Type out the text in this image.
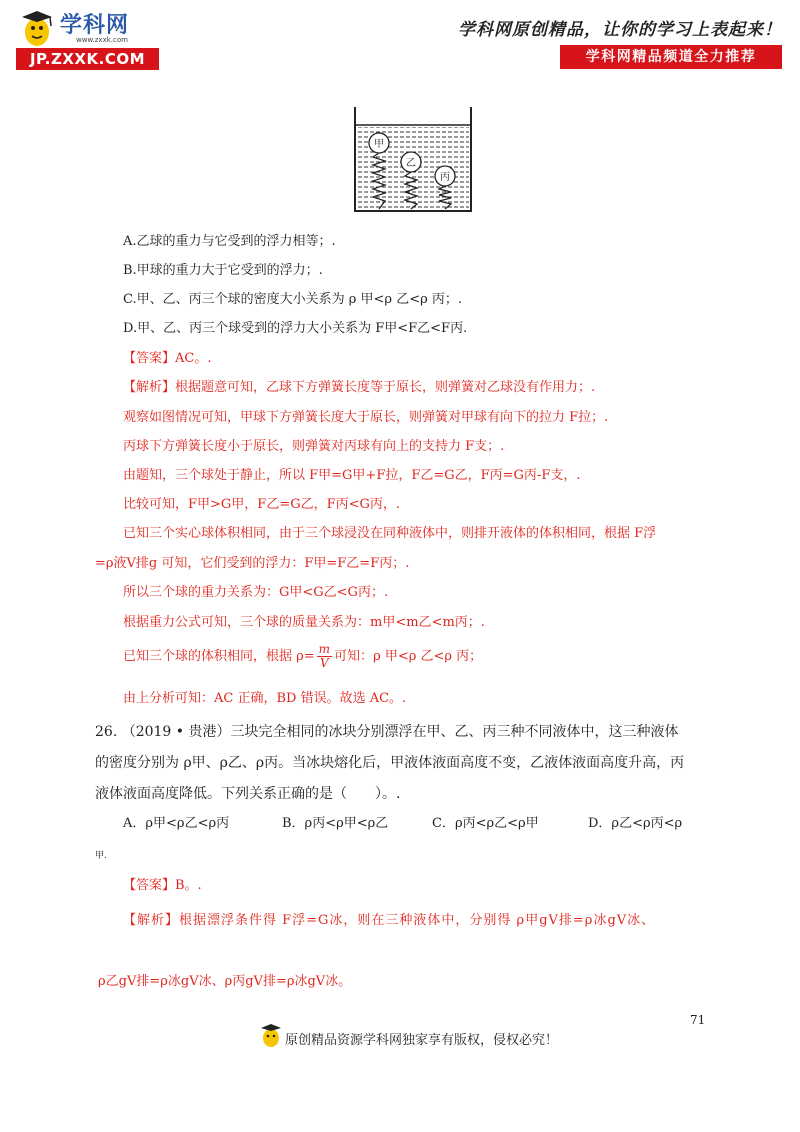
学科网
www.zxxk.com
JP.ZXXK.COM
学科网原创精品，让你的学习上表起来！
学科网精品频道全力推荐
甲
乙
丙
A.乙球的重力与它受到的浮力相等；.
B.甲球的重力大于它受到的浮力；.
C.甲、乙、丙三个球的密度大小关系为 ρ 甲<ρ 乙<ρ 丙；.
D.甲、乙、丙三个球受到的浮力大小关系为 F甲<F乙<F丙.
【答案】AC。.
【解析】根据题意可知，乙球下方弹簧长度等于原长，则弹簧对乙球没有作用力；.
观察如图情况可知，甲球下方弹簧长度大于原长，则弹簧对甲球有向下的拉力 F拉；.
丙球下方弹簧长度小于原长，则弹簧对丙球有向上的支持力 F支；.
由题知，三个球处于静止，所以 F甲=G甲+F拉，F乙=G乙，F丙=G丙-F支，.
比较可知，F甲>G甲，F乙=G乙，F丙<G丙，.
已知三个实心球体积相同，由于三个球浸没在同种液体中，则排开液体的体积相同，根据 F浮
=ρ液V排g 可知，它们受到的浮力：F甲=F乙=F丙；.
所以三个球的重力关系为：G甲<G乙<G丙；.
根据重力公式可知，三个球的质量关系为：m甲<m乙<m丙；.
已知三个球的体积相同，根据 $\rho= \frac{m}{V}$ 可知：ρ 甲<ρ 乙<ρ 丙；
由上分析可知：AC 正确，BD 错误。故选 AC。.
26. （2019 • 贵港）三块完全相同的冰块分别漂浮在甲、乙、丙三种不同液体中，这三种液体
的密度分别为 ρ甲、ρ乙、ρ丙。当冰块熔化后，甲液体液面高度不变，乙液体液面高度升高，丙
液体液面高度降低。下列关系正确的是（　　）。.
A．ρ甲<ρ乙<ρ丙	B．ρ丙<ρ甲<ρ乙	C．ρ丙<ρ乙<ρ甲	D．ρ乙<ρ丙<ρ
甲.
【答案】B。.
【解析】根据漂浮条件得 F浮=G冰，则在三种液体中，分别得 ρ甲gV排=ρ冰gV冰、
ρ乙gV排=ρ冰gV冰、ρ丙gV排=ρ冰gV冰。
71
原创精品资源学科网独家享有版权，侵权必究！
